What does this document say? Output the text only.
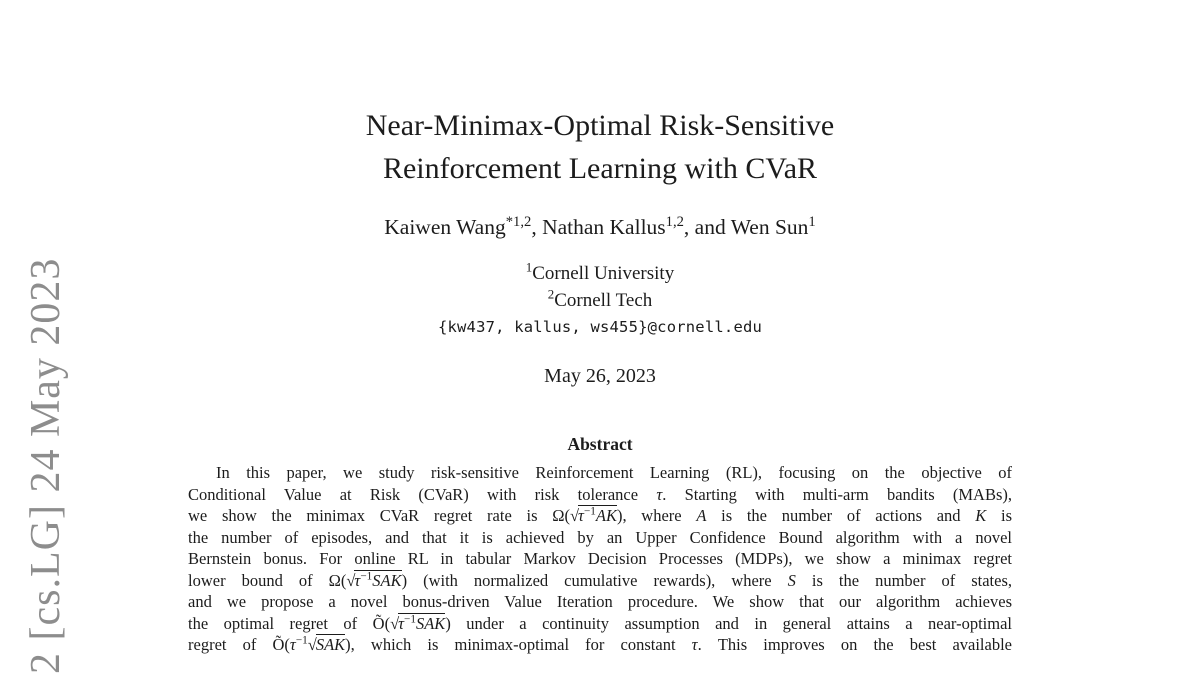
2 [cs.LG] 24 May 2023
Near-Minimax-Optimal Risk-Sensitive
Reinforcement Learning with CVaR
Kaiwen Wang$^{*1,2}$, Nathan Kallus$^{1,2}$, and Wen Sun$^1$
$^1$Cornell University
$^2$Cornell Tech
{kw437, kallus, ws455}@cornell.edu
May 26, 2023
Abstract
In this paper, we study risk-sensitive Reinforcement Learning (RL), focusing on the objective of
Conditional Value at Risk (CVaR) with risk tolerance τ. Starting with multi-arm bandits (MABs),
we show the minimax CVaR regret rate is $\Omega(√\tau^{-1}AK)$, where A is the number of actions and K is
the number of episodes, and that it is achieved by an Upper Confidence Bound algorithm with a novel
Bernstein bonus. For online RL in tabular Markov Decision Processes (MDPs), we show a minimax regret
lower bound of $\Omega(√\tau^{-1}SAK)$ (with normalized cumulative rewards), where S is the number of states,
and we propose a novel bonus-driven Value Iteration procedure. We show that our algorithm achieves
the optimal regret of $Õ(√\tau^{-1}SAK)$ under a continuity assumption and in general attains a near-optimal
regret of $Õ(\tau^{-1}√SAK)$, which is minimax-optimal for constant τ. This improves on the best available
